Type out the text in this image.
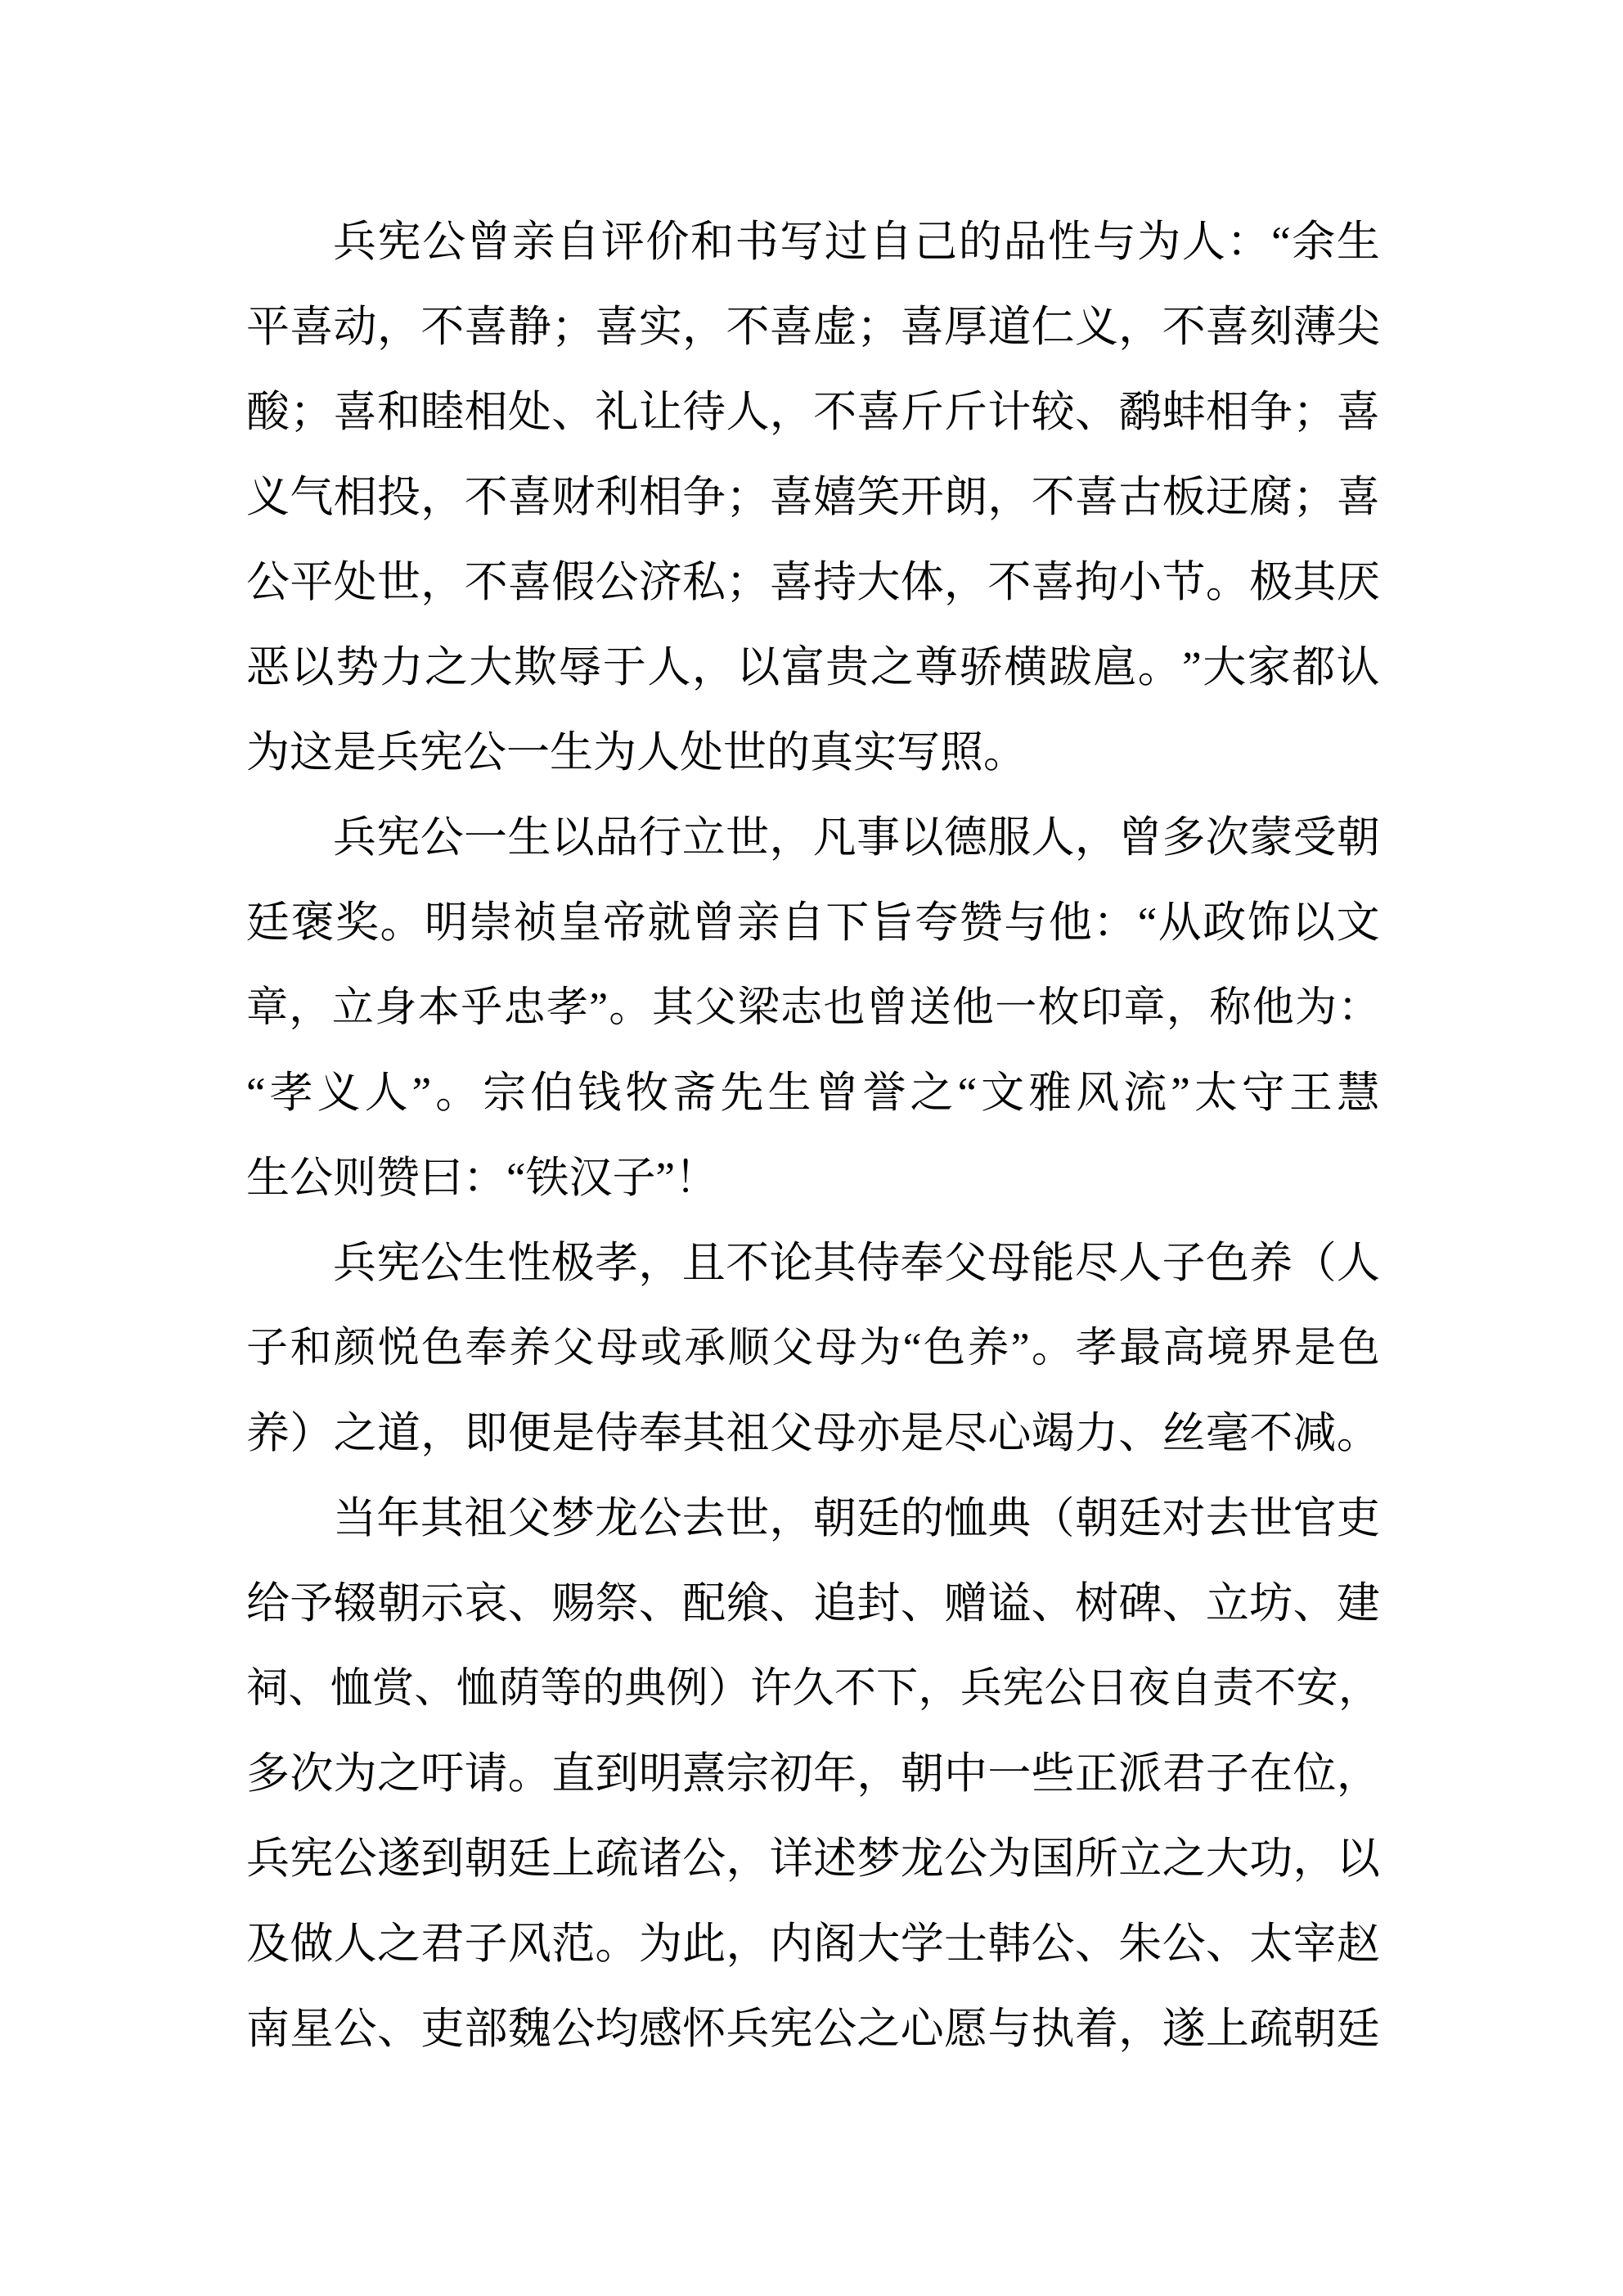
兵 宪 公 曾 亲 自 评 价 和 书 写 过 自 己 的 品 性 与 为 人 ： “ 余 生
平 喜 动 ， 不 喜 静 ； 喜 实 ， 不 喜 虚 ； 喜 厚 道 仁 义 ， 不 喜 刻 薄 尖
酸 ； 喜 和 睦 相 处 、 礼 让 待 人 ， 不 喜 斤 斤 计 较 、 鹬 蚌 相 争 ； 喜
义 气 相 投 ， 不 喜 财 利 相 争 ； 喜 嬉 笑 开 朗 ， 不 喜 古 板 迂 腐 ； 喜
公 平 处 世 ， 不 喜 假 公 济 私 ； 喜 持 大 体 ， 不 喜 拘 小 节 。 极 其 厌
恶 以 势 力 之 大 欺 辱 于 人 ， 以 富 贵 之 尊 骄 横 跋 扈 。 ” 大 家 都 认
为这是兵宪公一生为人处世的真实写照。
兵 宪 公 一 生 以 品 行 立 世 ， 凡 事 以 德 服 人 ， 曾 多 次 蒙 受 朝
廷 褒 奖 。 明 崇 祯 皇 帝 就 曾 亲 自 下 旨 夸 赞 与 他 ： “ 从 政 饰 以 文
章 ， 立 身 本 乎 忠 孝 ” 。 其 父 梁 志 也 曾 送 他 一 枚 印 章 ， 称 他 为 ：
“ 孝 义 人 ” 。 宗 伯 钱 牧 斋 先 生 曾 誉 之 “ 文 雅 风 流 ” 太 守 王 慧
生公则赞曰：“铁汉子”！
兵 宪 公 生 性 极 孝 ， 且 不 论 其 侍 奉 父 母 能 尽 人 子 色 养 （ 人
子 和 颜 悦 色 奉 养 父 母 或 承 顺 父 母 为 “ 色 养 ” 。 孝 最 高 境 界 是 色
养 ） 之 道 ， 即 便 是 侍 奉 其 祖 父 母 亦 是 尽 心 竭 力 、 丝 毫 不 减 。
当 年 其 祖 父 梦 龙 公 去 世 ， 朝 廷 的 恤 典 （ 朝 廷 对 去 世 官 吏
给 予 辍 朝 示 哀 、 赐 祭 、 配 飨 、 追 封 、 赠 谥 、 树 碑 、 立 坊 、 建
祠 、 恤 赏 、 恤 荫 等 的 典 例 ） 许 久 不 下 ， 兵 宪 公 日 夜 自 责 不 安 ，
多 次 为 之 吁 请 。 直 到 明 熹 宗 初 年 ， 朝 中 一 些 正 派 君 子 在 位 ，
兵 宪 公 遂 到 朝 廷 上 疏 诸 公 ， 详 述 梦 龙 公 为 国 所 立 之 大 功 ， 以
及 做 人 之 君 子 风 范 。 为 此 ， 内 阁 大 学 士 韩 公 、 朱 公 、 太 宰 赵
南 星 公 、 吏 部 魏 公 均 感 怀 兵 宪 公 之 心 愿 与 执 着 ， 遂 上 疏 朝 廷
